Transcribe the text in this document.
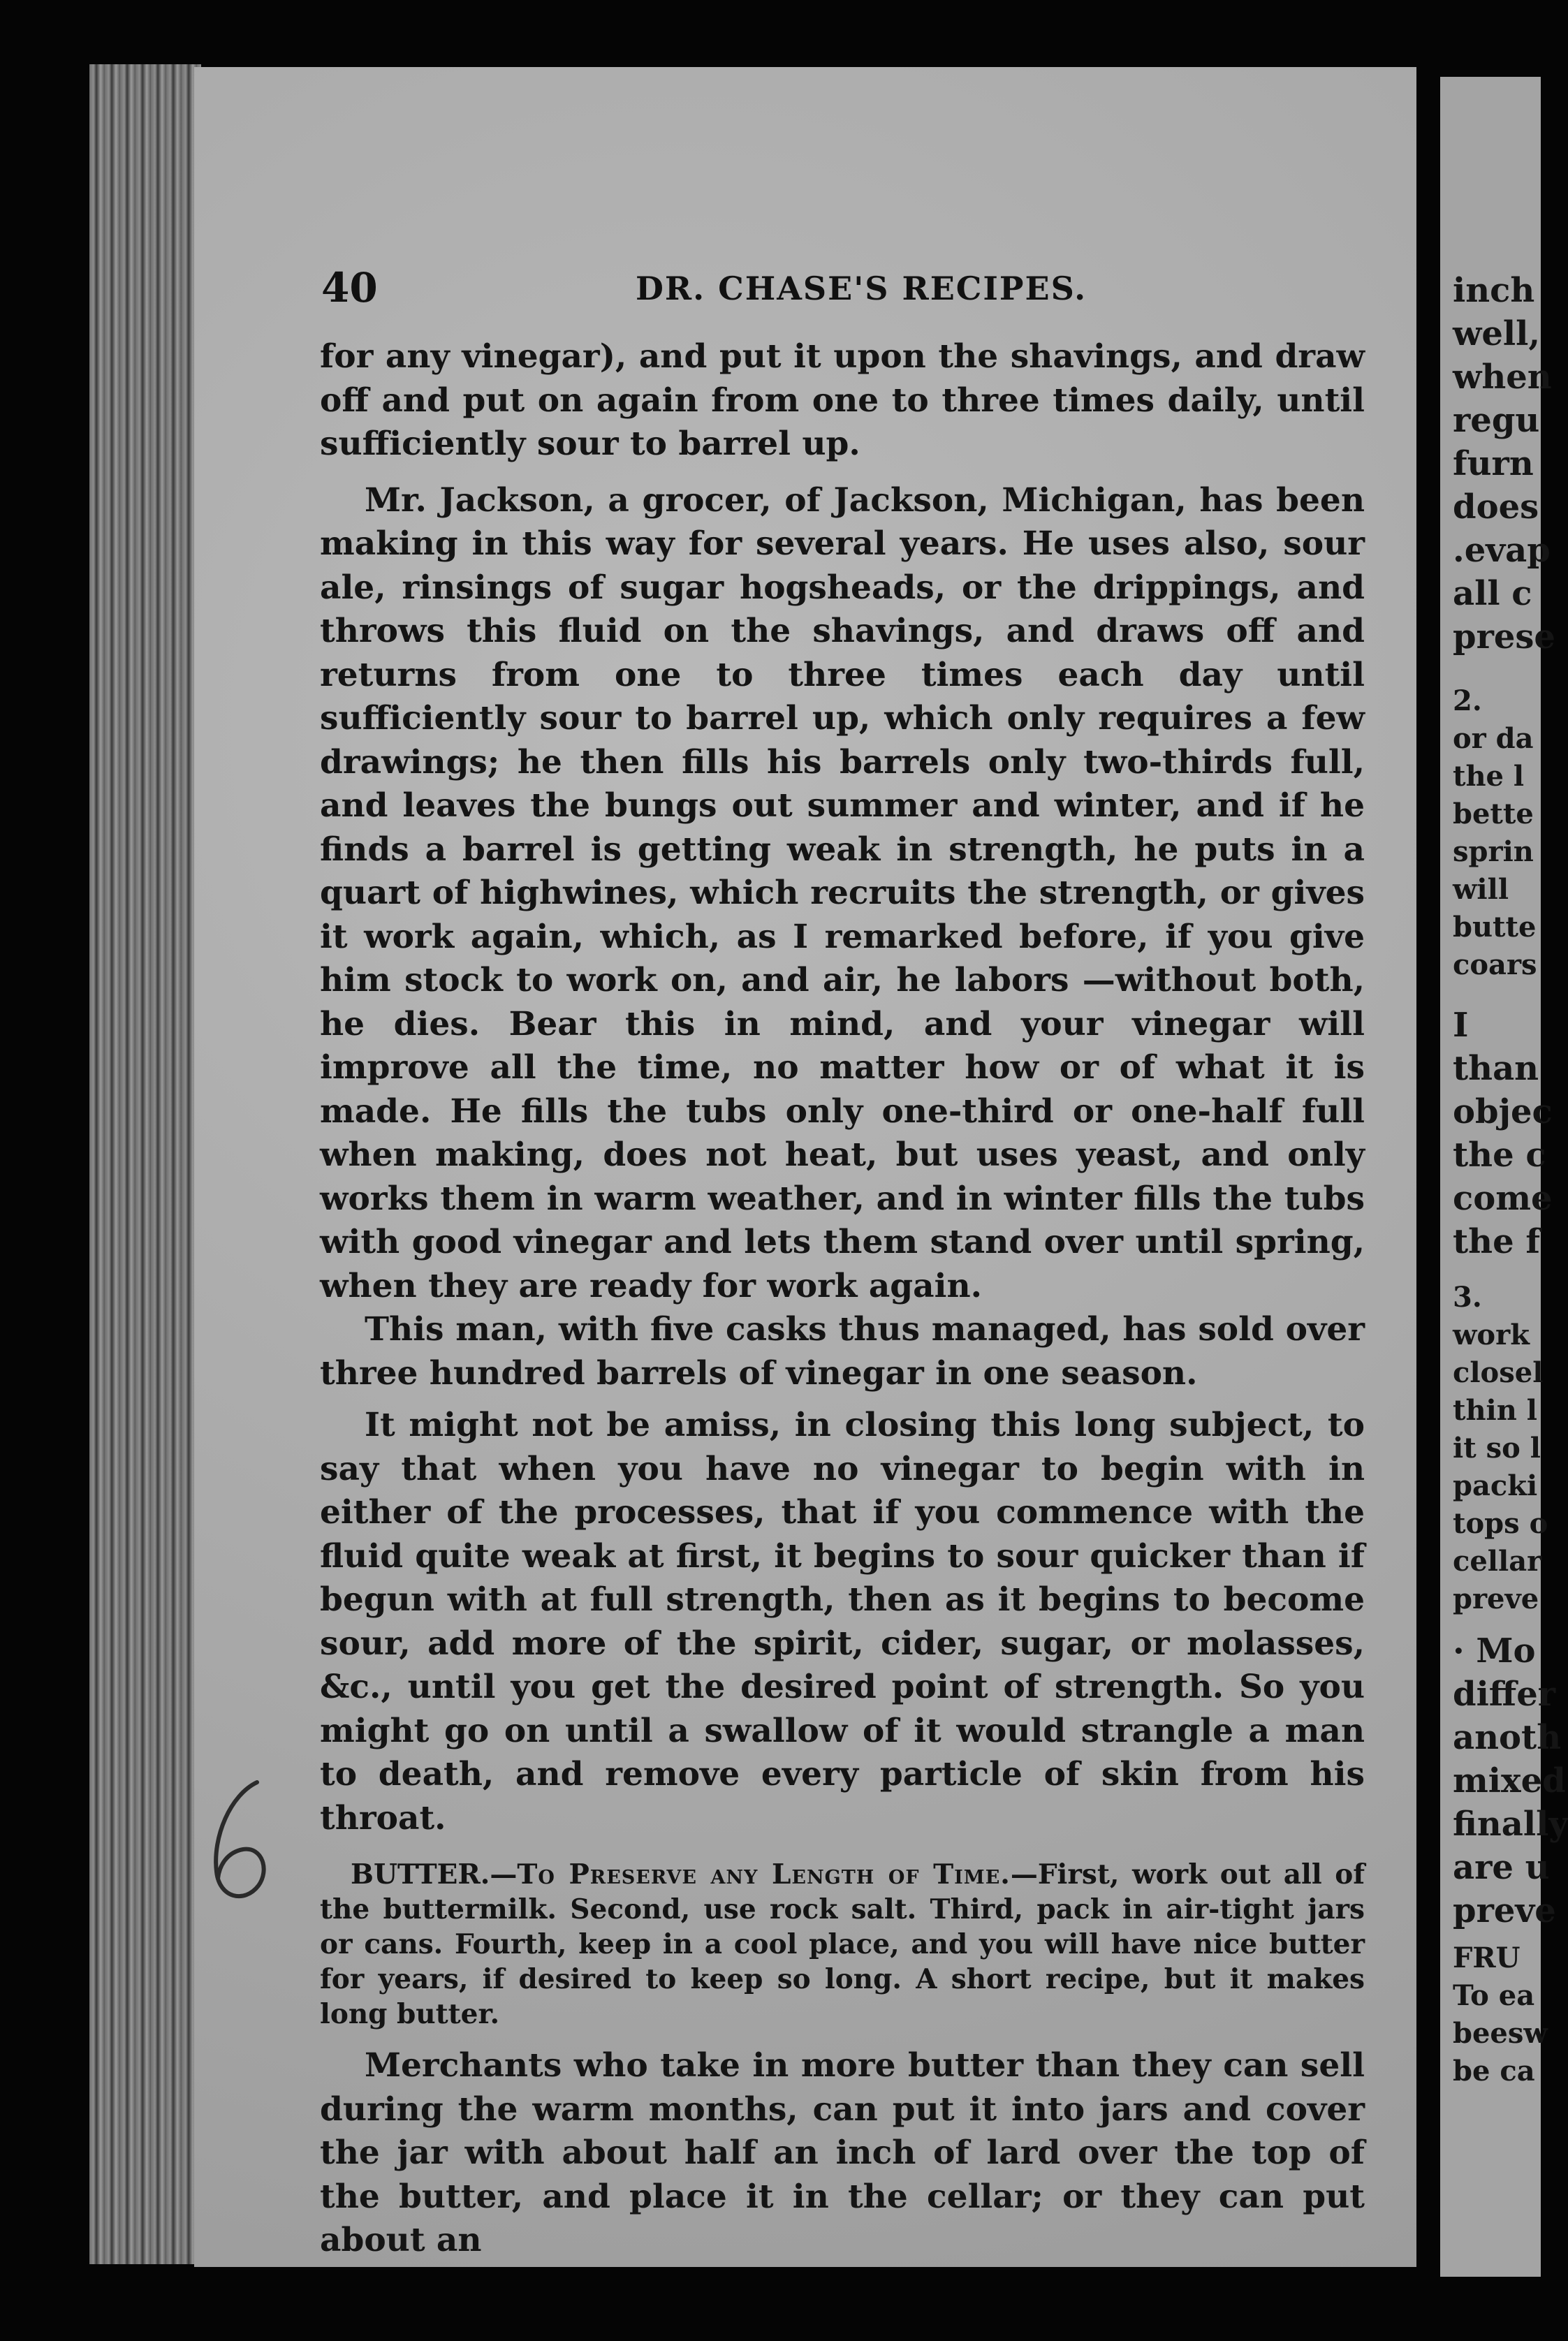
inch
well,
when
regu
furn
does
.evap
all c
prese
2.
or da
the l
bette
sprin
will
butte
coars
I
than
objec
the c
come
the f
3.
work
closel
thin l
it so l
packi
tops o
cellar
preve
· Mo
differ
anoth
mixed
finally
are u
preve
FRU
To ea
beesw
be ca
40	DR. CHASE'S RECIPES.

for any vinegar), and put it upon the shavings, and draw off and put on again from one to three times daily, until sufficiently sour to barrel up.

Mr. Jackson, a grocer, of Jackson, Michigan, has been making in this way for several years. He uses also, sour ale, rinsings of sugar hogsheads, or the drippings, and throws this fluid on the shavings, and draws off and returns from one to three times each day until sufficiently sour to barrel up, which only requires a few drawings; he then fills his barrels only two-thirds full, and leaves the bungs out summer and winter, and if he finds a barrel is getting weak in strength, he puts in a quart of highwines, which recruits the strength, or gives it work again, which, as I remarked before, if you give him stock to work on, and air, he labors —without both, he dies. Bear this in mind, and your vinegar will improve all the time, no matter how or of what it is made. He fills the tubs only one-third or one-half full when making, does not heat, but uses yeast, and only works them in warm weather, and in winter fills the tubs with good vinegar and lets them stand over until spring, when they are ready for work again.

This man, with five casks thus managed, has sold over three hundred barrels of vinegar in one season.

It might not be amiss, in closing this long subject, to say that when you have no vinegar to begin with in either of the processes, that if you commence with the fluid quite weak at first, it begins to sour quicker than if begun with at full strength, then as it begins to become sour, add more of the spirit, cider, sugar, or molasses, &c., until you get the desired point of strength. So you might go on until a swallow of it would strangle a man to death, and remove every particle of skin from his throat.

BUTTER.—To Preserve any Length of Time.—First, work out all of the buttermilk. Second, use rock salt. Third, pack in air-tight jars or cans. Fourth, keep in a cool place, and you will have nice butter for years, if desired to keep so long. A short recipe, but it makes long butter.

Merchants who take in more butter than they can sell during the warm months, can put it into jars and cover the jar with about half an inch of lard over the top of the butter, and place it in the cellar; or they can put about an
